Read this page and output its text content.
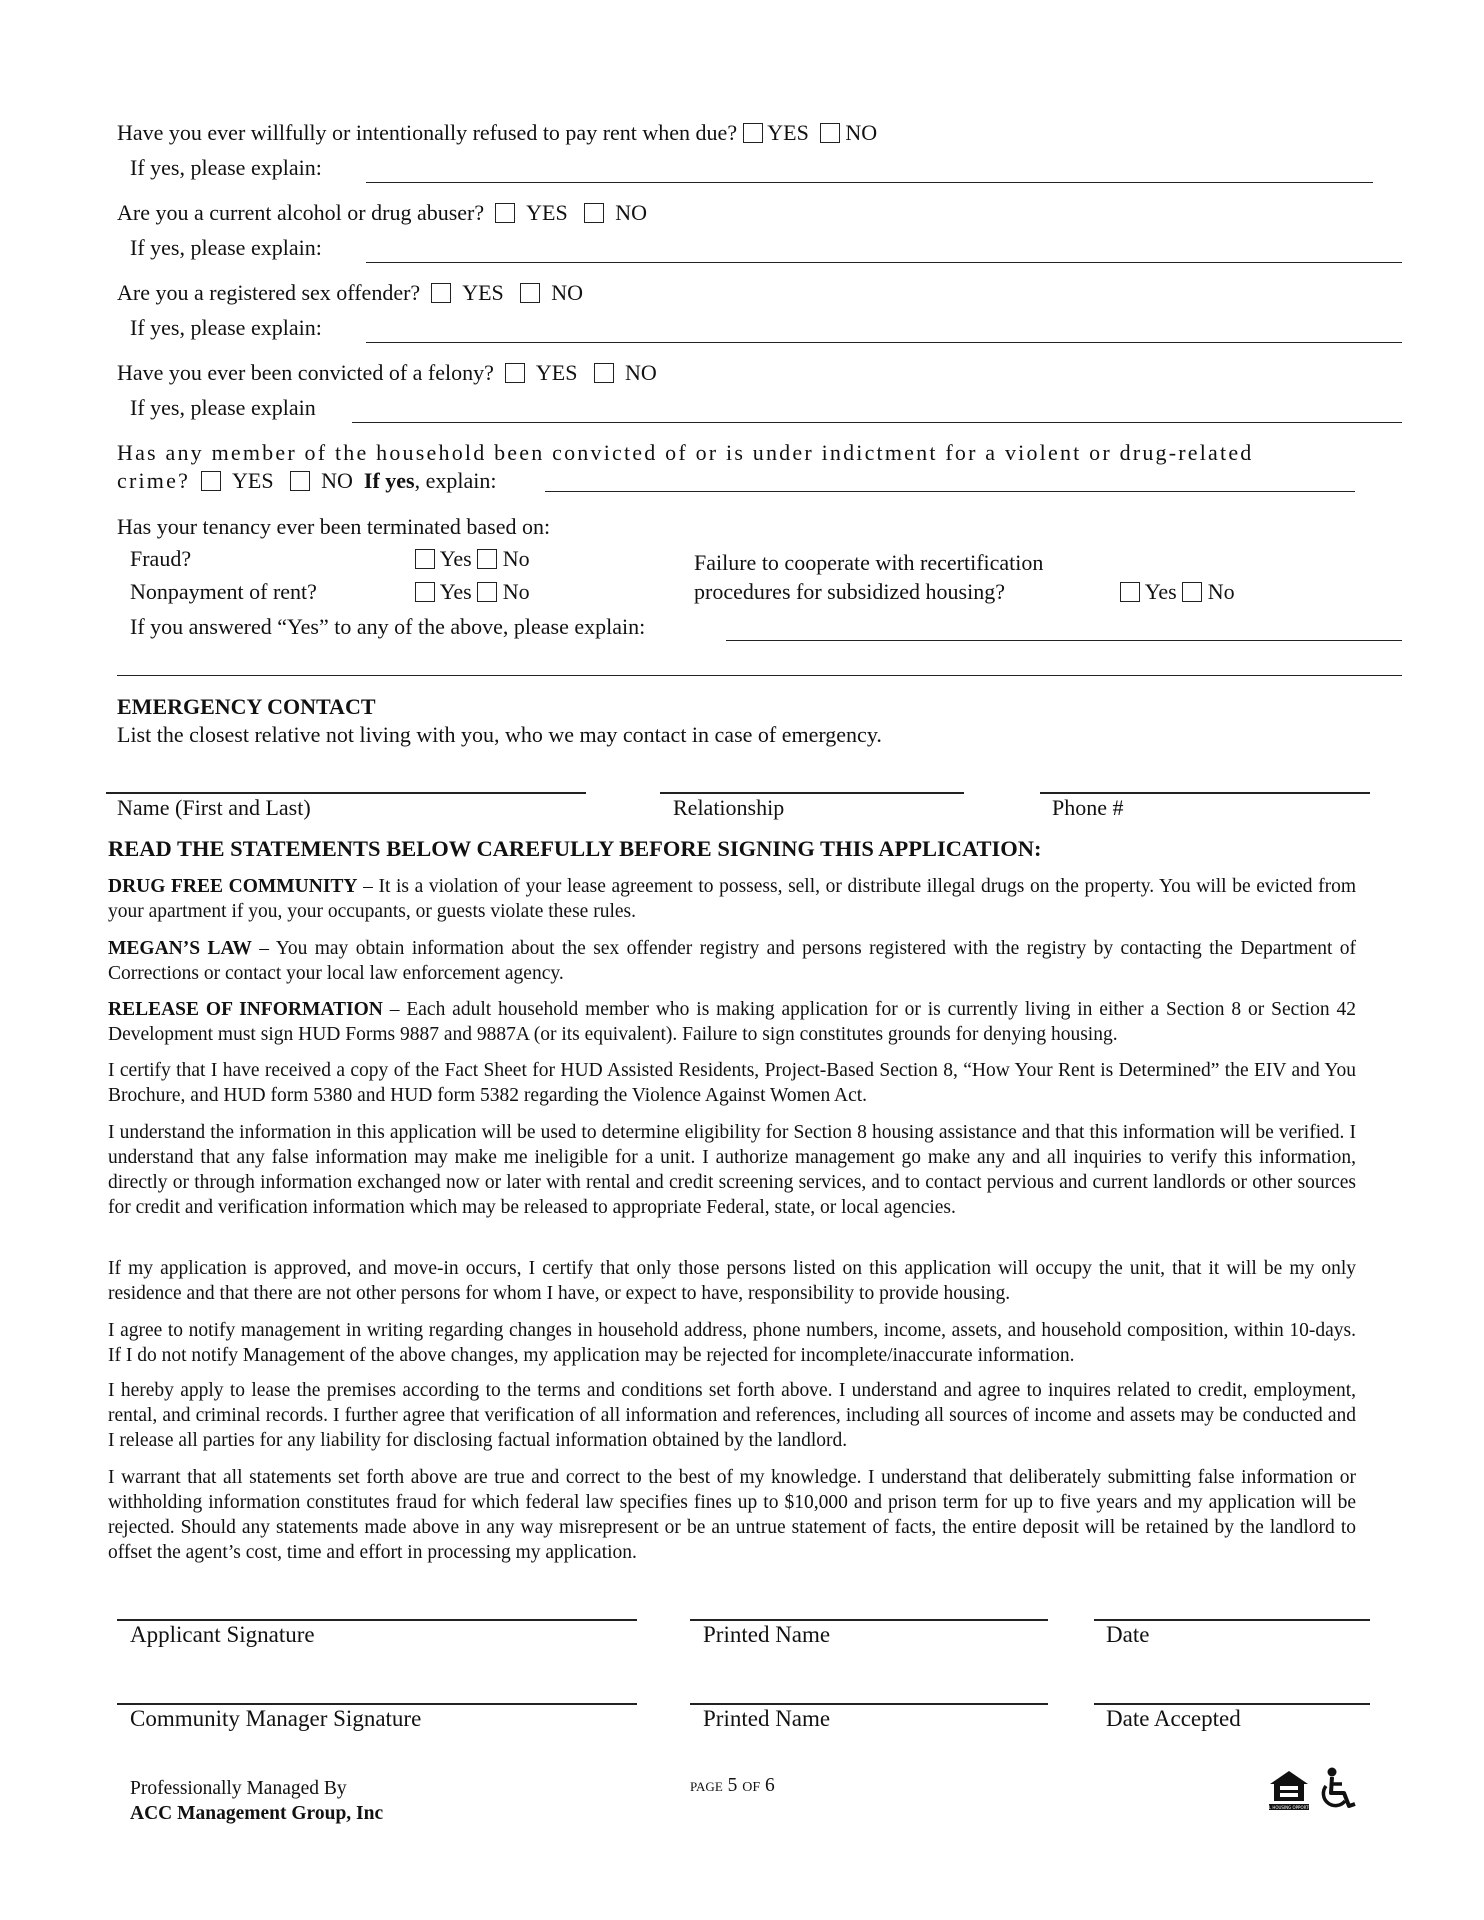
Have you ever willfully or intentionally refused to pay rent when due? YES NO
If yes, please explain:
Are you a current alcohol or drug abuser? YES NO
If yes, please explain:
Are you a registered sex offender? YES NO
If yes, please explain:
Have you ever been convicted of a felony? YES NO
If yes, please explain
Has any member of the household been convicted of or is under indictment for a violent or drug-related
crime? YES NO If yes, explain:
Has your tenancy ever been terminated based on:
Fraud?	Yes No
Nonpayment of rent?	Yes No
Failure to cooperate with recertification
procedures for subsidized housing?	Yes No
If you answered “Yes” to any of the above, please explain:
EMERGENCY CONTACT
List the closest relative not living with you, who we may contact in case of emergency.
Name (First and Last)	Relationship	Phone #
READ THE STATEMENTS BELOW CAREFULLY BEFORE SIGNING THIS APPLICATION:
DRUG FREE COMMUNITY – It is a violation of your lease agreement to possess, sell, or distribute illegal drugs on the property. You will be evicted from your apartment if you, your occupants, or guests violate these rules.
MEGAN’S LAW – You may obtain information about the sex offender registry and persons registered with the registry by contacting the Department of Corrections or contact your local law enforcement agency.
RELEASE OF INFORMATION – Each adult household member who is making application for or is currently living in either a Section 8 or Section 42 Development must sign HUD Forms 9887 and 9887A (or its equivalent). Failure to sign constitutes grounds for denying housing.
I certify that I have received a copy of the Fact Sheet for HUD Assisted Residents, Project-Based Section 8, “How Your Rent is Determined” the EIV and You Brochure, and HUD form 5380 and HUD form 5382 regarding the Violence Against Women Act.
I understand the information in this application will be used to determine eligibility for Section 8 housing assistance and that this information will be verified. I understand that any false information may make me ineligible for a unit. I authorize management go make any and all inquiries to verify this information, directly or through information exchanged now or later with rental and credit screening services, and to contact pervious and current landlords or other sources for credit and verification information which may be released to appropriate Federal, state, or local agencies.
If my application is approved, and move-in occurs, I certify that only those persons listed on this application will occupy the unit, that it will be my only residence and that there are not other persons for whom I have, or expect to have, responsibility to provide housing.
I agree to notify management in writing regarding changes in household address, phone numbers, income, assets, and household composition, within 10-days. If I do not notify Management of the above changes, my application may be rejected for incomplete/inaccurate information.
I hereby apply to lease the premises according to the terms and conditions set forth above. I understand and agree to inquires related to credit, employment, rental, and criminal records. I further agree that verification of all information and references, including all sources of income and assets may be conducted and I release all parties for any liability for disclosing factual information obtained by the landlord.
I warrant that all statements set forth above are true and correct to the best of my knowledge. I understand that deliberately submitting false information or withholding information constitutes fraud for which federal law specifies fines up to $10,000 and prison term for up to five years and my application will be rejected. Should any statements made above in any way misrepresent or be an untrue statement of facts, the entire deposit will be retained by the landlord to offset the agent’s cost, time and effort in processing my application.
Applicant Signature	Printed Name	Date
Community Manager Signature	Printed Name	Date Accepted
Professionally Managed By
ACC Management Group, Inc
page 5 of 6
EQUAL HOUSING OPPORTUNITY
